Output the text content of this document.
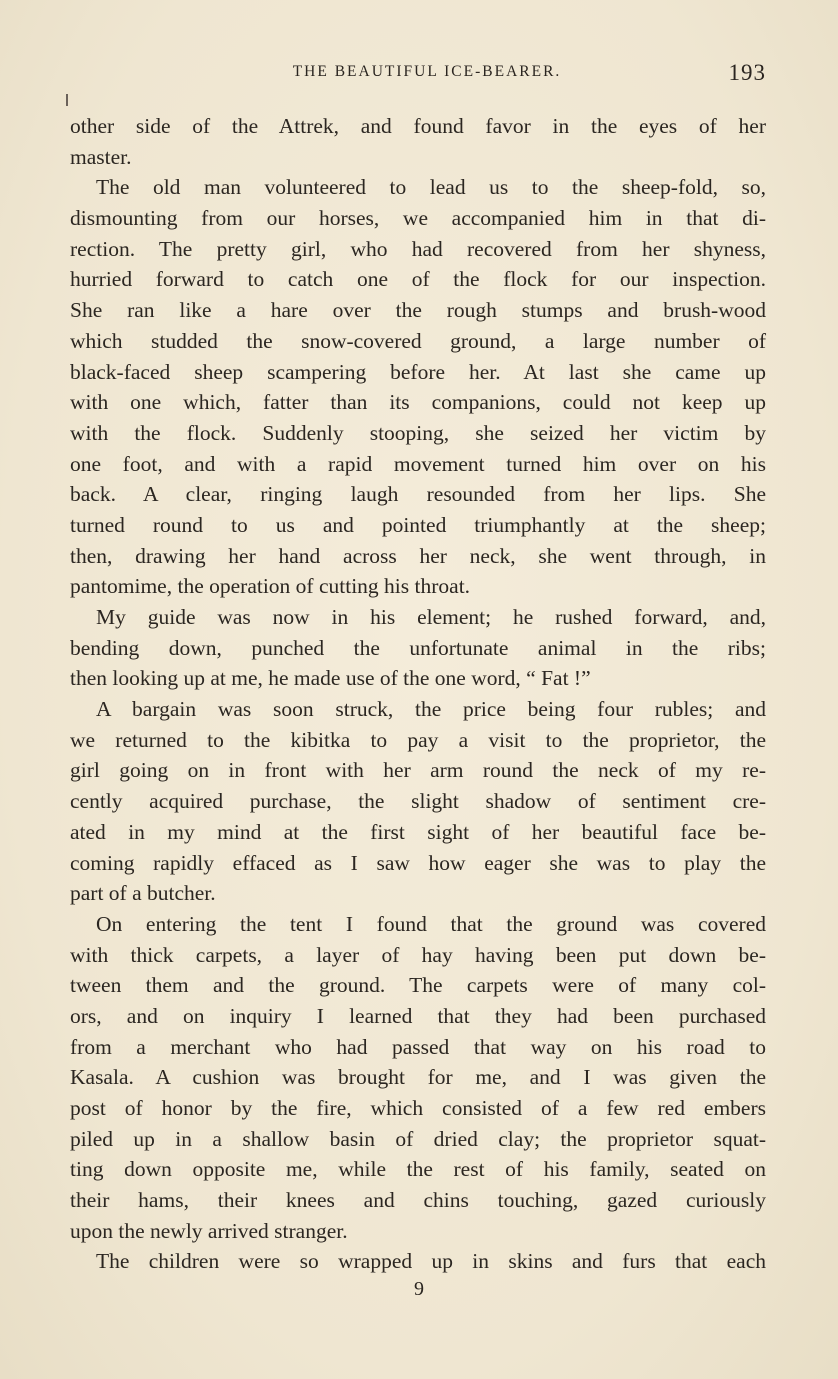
THE BEAUTIFUL ICE-BEARER.	193
other side of the Attrek, and found favor in the eyes of her
master.
The old man volunteered to lead us to the sheep-fold, so,
dismounting from our horses, we accompanied him in that di-
rection. The pretty girl, who had recovered from her shyness,
hurried forward to catch one of the flock for our inspection.
She ran like a hare over the rough stumps and brush-wood
which studded the snow-covered ground, a large number of
black-faced sheep scampering before her. At last she came up
with one which, fatter than its companions, could not keep up
with the flock. Suddenly stooping, she seized her victim by
one foot, and with a rapid movement turned him over on his
back. A clear, ringing laugh resounded from her lips. She
turned round to us and pointed triumphantly at the sheep;
then, drawing her hand across her neck, she went through, in
pantomime, the operation of cutting his throat.
My guide was now in his element; he rushed forward, and,
bending down, punched the unfortunate animal in the ribs;
then looking up at me, he made use of the one word, “ Fat !”
A bargain was soon struck, the price being four rubles; and
we returned to the kibitka to pay a visit to the proprietor, the
girl going on in front with her arm round the neck of my re-
cently acquired purchase, the slight shadow of sentiment cre-
ated in my mind at the first sight of her beautiful face be-
coming rapidly effaced as I saw how eager she was to play the
part of a butcher.
On entering the tent I found that the ground was covered
with thick carpets, a layer of hay having been put down be-
tween them and the ground. The carpets were of many col-
ors, and on inquiry I learned that they had been purchased
from a merchant who had passed that way on his road to
Kasala. A cushion was brought for me, and I was given the
post of honor by the fire, which consisted of a few red embers
piled up in a shallow basin of dried clay; the proprietor squat-
ting down opposite me, while the rest of his family, seated on
their hams, their knees and chins touching, gazed curiously
upon the newly arrived stranger.
The children were so wrapped up in skins and furs that each
9
